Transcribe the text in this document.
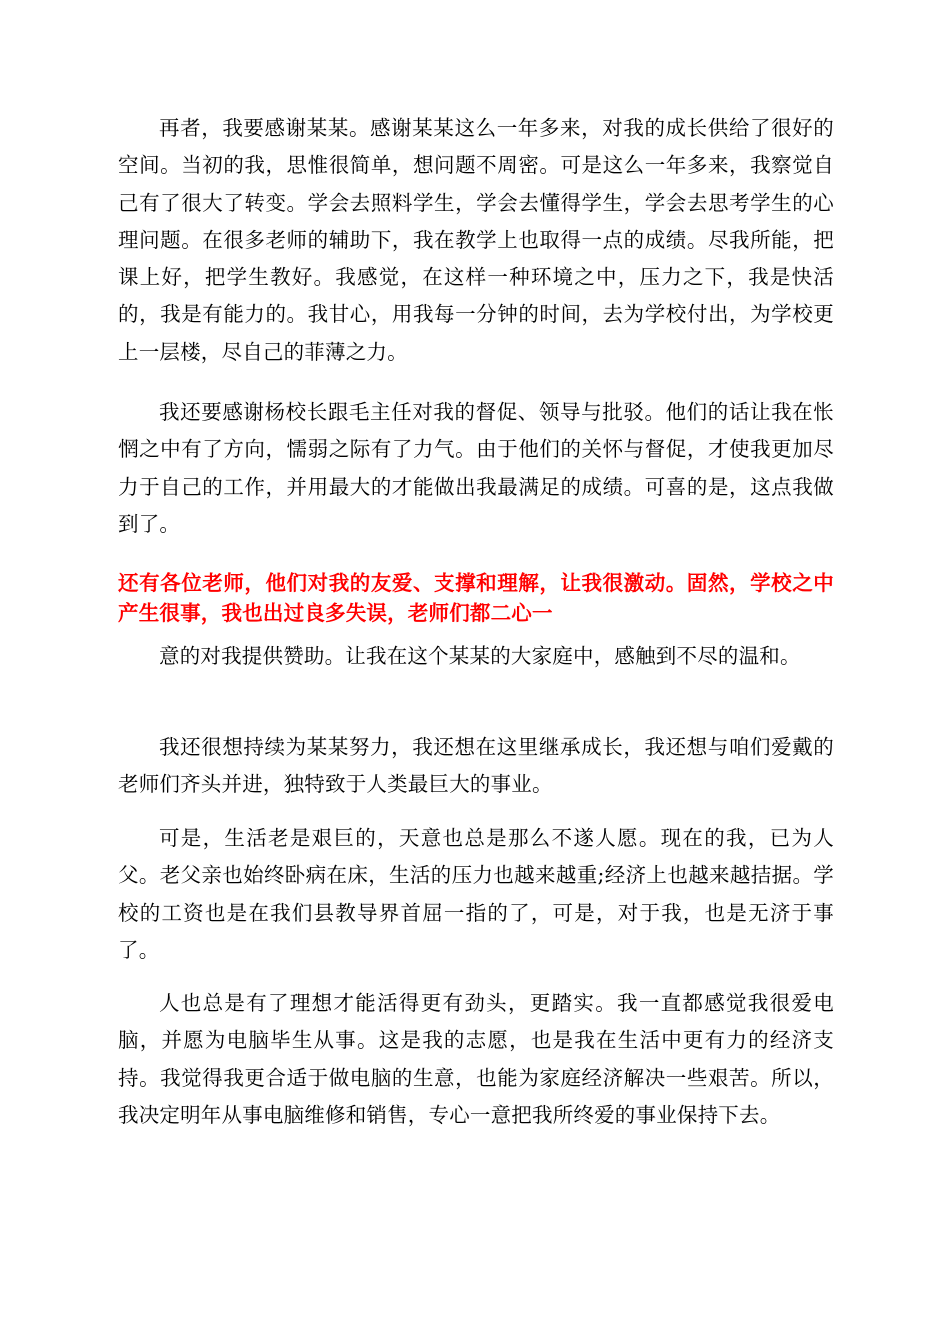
再者，我要感谢某某。感谢某某这么一年多来，对我的成长供给了很好的空间。当初的我，思惟很简单，想问题不周密。可是这么一年多来，我察觉自己有了很大了转变。学会去照料学生，学会去懂得学生，学会去思考学生的心理问题。在很多老师的辅助下，我在教学上也取得一点的成绩。尽我所能，把课上好，把学生教好。我感觉，在这样一种环境之中，压力之下，我是快活的，我是有能力的。我甘心，用我每一分钟的时间，去为学校付出，为学校更上一层楼，尽自己的菲薄之力。

我还要感谢杨校长跟毛主任对我的督促、领导与批驳。他们的话让我在怅惘之中有了方向，懦弱之际有了力气。由于他们的关怀与督促，才使我更加尽力于自己的工作，并用最大的才能做出我最满足的成绩。可喜的是，这点我做到了。

还有各位老师，他们对我的友爱、支撑和理解，让我很激动。固然，学校之中产生很事，我也出过良多失误，老师们都二心一

意的对我提供赞助。让我在这个某某的大家庭中，感触到不尽的温和。

我还很想持续为某某努力，我还想在这里继承成长，我还想与咱们爱戴的老师们齐头并进，独特致于人类最巨大的事业。

可是，生活老是艰巨的，天意也总是那么不遂人愿。现在的我，已为人父。老父亲也始终卧病在床，生活的压力也越来越重;经济上也越来越拮据。学校的工资也是在我们县教导界首屈一指的了，可是，对于我，也是无济于事了。

人也总是有了理想才能活得更有劲头，更踏实。我一直都感觉我很爱电脑，并愿为电脑毕生从事。这是我的志愿，也是我在生活中更有力的经济支持。我觉得我更合适于做电脑的生意，也能为家庭经济解决一些艰苦。所以，我决定明年从事电脑维修和销售，专心一意把我所终爱的事业保持下去。
